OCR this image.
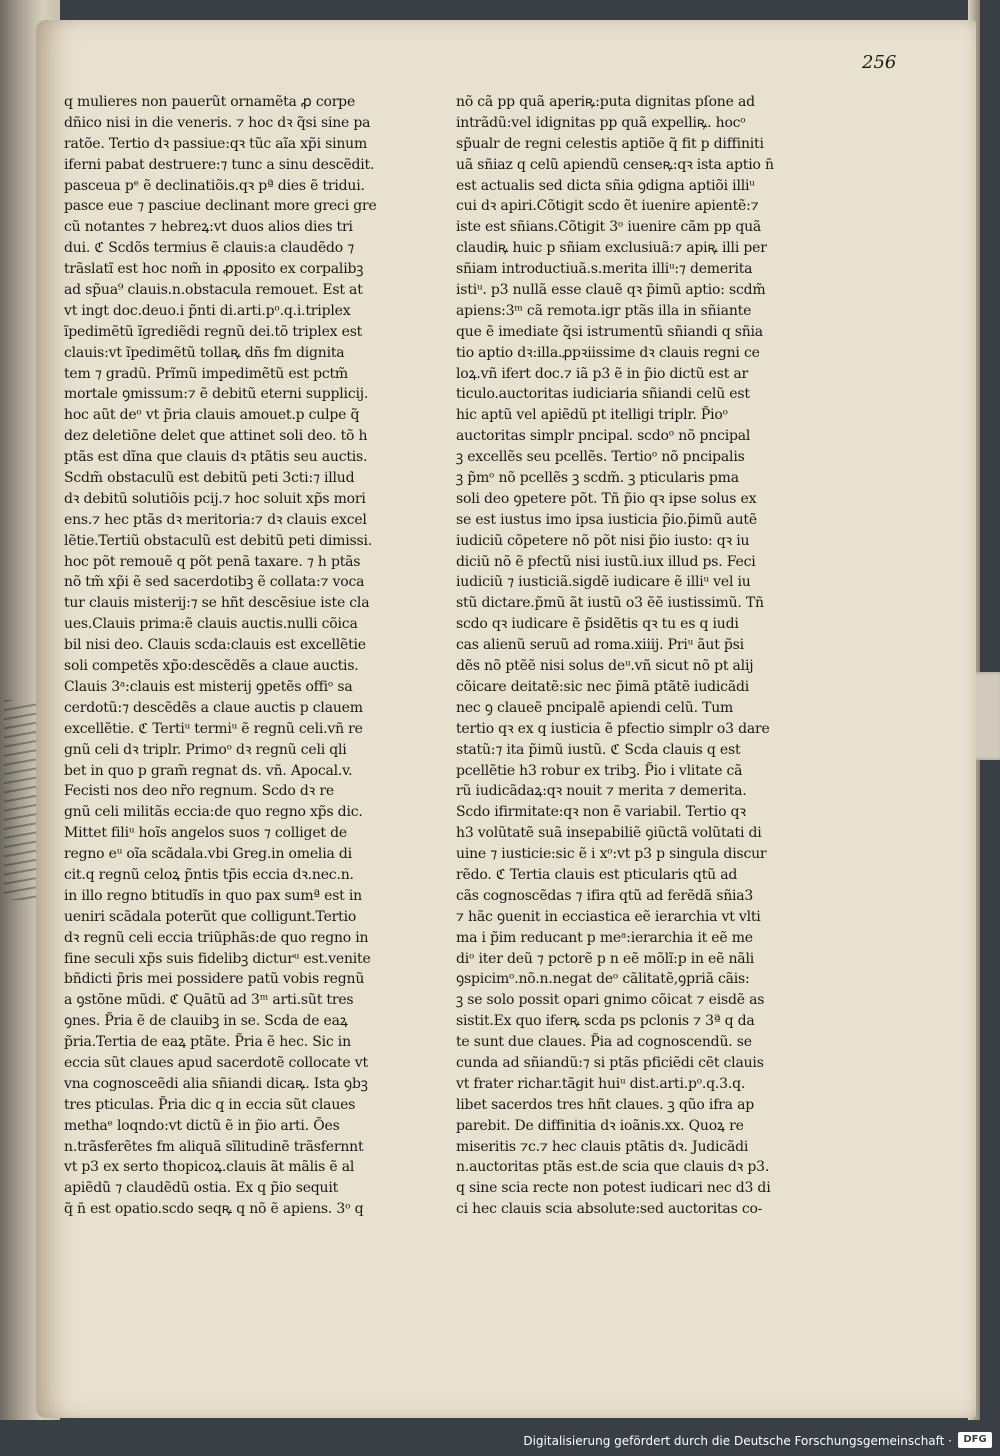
256
q mulieres non pauerũt ornamẽta ꝓ corpe
dñico nisi in die veneris. ⁊ hoc dꝛ q̃si sine pa
ratõe. Tertio dꝛ passiue:qꝛ tũc aĩa xp̃i sinum
iferni pabat destruere:⁊ tunc a sinu descẽdit.
pasceua pᵉ ẽ declinatiõis.qꝛ pª dies ẽ tridui.
pasce eue ⁊ pasciue declinant more greci gre
cũ notantes ⁊ hebreꝝ:vt duos alios dies tri
dui. ℭ Scdõs termius ẽ clauis:a claudẽdo ⁊
trãslatĩ est hoc nom̃ in ꝓposito ex corpalibꝫ
ad sp̃ua⁹ clauis.n.obstacula remouet. Est at
vt ingt doc.deuo.i p̃nti di.arti.pᵒ.q.i.triplex
ĩpedimẽtũ ĩgrediẽdi regnũ dei.tõ triplex est
clauis:vt ĩpedimẽtũ tollaꝶ dñs fm dignita
tem ⁊ gradũ. Prĩmũ impedimẽtũ est pctm̃
mortale ꝯmissum:⁊ ẽ debitũ eterni supplicij.
hoc aũt deᵒ vt p̃ria clauis amouet.p culpe q̃
dez deletiõne delet que attinet soli deo. tõ h
ptãs est dĩna que clauis dꝛ ptãtis seu auctis.
Scdm̃ obstaculũ est debitũ peti 3cti:⁊ illud
dꝛ debitũ solutiõis pcij.⁊ hoc soluit xp̃s mori
ens.⁊ hec ptãs dꝛ meritoria:⁊ dꝛ clauis excel
lẽtie.Tertiũ obstaculũ est debitũ peti dimissi.
hoc põt remouẽ q põt penã taxare. ⁊ h ptãs
nõ tm̃ xp̃i ẽ sed sacerdotibꝫ ẽ collata:⁊ voca
tur clauis misterij:⁊ se hñt descẽsiue iste cla
ues.Clauis prima:ẽ clauis auctis.nulli cõica
bil nisi deo. Clauis scda:clauis est excellẽtie
soli competẽs xp̃o:descẽdẽs a claue auctis.
Clauis 3ᵃ:clauis est misterij ꝯpetẽs offiᵒ sa
cerdotũ:⁊ descẽdẽs a claue auctis p clauem
excellẽtie. ℭ Tertiᵘ termiᵘ ẽ regnũ celi.vñ re
gnũ celi dꝛ triplr. Primoᵒ dꝛ regnũ celi qli
bet in quo p gram̃ regnat ds. vñ. Apocal.v.
Fecisti nos deo nr̃o regnum. Scdo dꝛ re
gnũ celi militãs eccia:de quo regno xp̃s dic.
Mittet filiᵘ hoĩs angelos suos ⁊ colliget de
regno eᵘ oĩa scãdala.vbi Greg.in omelia di
cit.q regnũ celoꝝ p̃ntis tp̃is eccia dꝛ.nec.n.
in illo regno btitudĩs in quo pax sumª est in
ueniri scãdala poterũt que colligunt.Tertio
dꝛ regnũ celi eccia triũphãs:de quo regno in
fine seculi xp̃s suis fidelibꝫ dicturᵘ est.venite
bñdicti p̃ris mei possidere patũ vobis regnũ
a ꝯstõne mũdi. ℭ Quãtũ ad 3ᵐ arti.sũt tres
ꝯnes. P̃ria ẽ de clauibꝫ in se. Scda de eaꝝ
p̃ria.Tertia de eaꝝ ptãte. P̃ria ẽ hec. Sic in
eccia sũt claues apud sacerdotẽ collocate vt
vna cognosceẽdi alia sñiandi dicaꝶ. Ista ꝯbꝫ
tres pticulas. P̃ria dic q in eccia sũt claues
methaᵉ loqndo:vt dictũ ẽ in p̃io arti. Ões
n.trãsferẽtes fm aliquã sĩlitudinẽ trãsfernnt
vt p3 ex serto thopicoꝝ.clauis ãt mãlis ẽ al
apiẽdũ ⁊ claudẽdũ ostia. Ex q p̃io sequit
q̃ n̄ est opatio.scdo seqꝶ q nõ ẽ apiens. 3ᵒ q
nõ cã pp quã aperiꝶ:puta dignitas pſone ad
intrãdũ:vel idignitas pp quã expelliꝶ. hocᵒ
sp̃ualr de regni celestis aptiõe q̃ fit p diffiniti
uã sñiaz q celũ apiendũ censeꝶ:qꝛ ista aptio n̄
est actualis sed dicta sñia ꝯdigna aptiõi illiᵘ
cui dꝛ apiri.Cõtigit scdo ẽt iuenire apientẽ:⁊
iste est sñians.Cõtigit 3ᵒ iuenire cãm pp quã
claudiꝶ huic p sñiam exclusiuã:⁊ apiꝶ illi per
sñiam introductiuã.s.merita illiᵘ:⁊ demerita
istiᵘ. p3 nullã esse clauẽ qꝛ p̃imũ aptio: scdm̃
apiens:3ᵐ cã remota.igr ptãs illa in sñiante
que ẽ imediate q̃si istrumentũ sñiandi q sñia
tio aptio dꝛ:illa.ꝓpꝛiissime dꝛ clauis regni ce
loꝝ.vñ ifert doc.⁊ iã p3 ẽ in p̃io dictũ est ar
ticulo.auctoritas iudiciaria sñiandi celũ est
hic aptũ vel apiẽdũ pt itelligi triplr. P̃ioᵒ
auctoritas simplr pncipal. scdoᵒ nõ pncipal
ꝫ excellẽs seu pcellẽs. Tertioᵒ nõ pncipalis
ꝫ p̃mᵒ nõ pcellẽs ꝫ scdm̃. ꝫ pticularis pma
soli deo ꝯpetere põt. Tñ p̃io qꝛ ipse solus ex
se est iustus imo ipsa iusticia p̃io.p̃imũ autẽ
iudiciũ cõpetere nõ põt nisi p̃io iusto: qꝛ iu
diciũ nõ ẽ pfectũ nisi iustũ.iux illud ps. Feci
iudiciũ ⁊ iusticiã.sigdẽ iudicare ẽ illiᵘ vel iu
stũ dictare.p̃mũ ãt iustũ o3 ẽẽ iustissimũ. Tñ
scdo qꝛ iudicare ẽ p̃sidẽtis qꝛ tu es q iudi
cas alienũ seruũ ad roma.xiiij. Priᵘ ãut p̃si
dẽs nõ ptẽẽ nisi solus deᵘ.vñ sicut nõ pt alij
cõicare deitatẽ:sic nec p̃imã ptãtẽ iudicãdi
nec ꝯ claueẽ pncipalẽ apiendi celũ. Tum
tertio qꝛ ex q iusticia ẽ pfectio simplr o3 dare
statũ:⁊ ita p̃imũ iustũ. ℭ Scda clauis q est
pcellẽtie h3 robur ex tribꝫ. P̃io i vlitate cã
rũ iudicãdaꝝ:qꝛ nouit ⁊ merita ⁊ demerita.
Scdo ifirmitate:qꝛ non ẽ variabil. Tertio qꝛ
h3 volũtatẽ suã insepabiliẽ ꝯiũctã volũtati di
uine ⁊ iusticie:sic ẽ i xᵒ:vt p3 p singula discur
rẽdo. ℭ Tertia clauis est pticularis qtũ ad
cãs cognoscẽdas ⁊ ifira qtũ ad ferẽdã sñia3
⁊ hãc ꝯuenit in ecciastica eẽ ierarchia vt vlti
ma i p̃im reducant p meᵃ:ierarchia it eẽ me
diᵒ iter deũ ⁊ pctorẽ p n eẽ mõlĩ:p in eẽ nãli
ꝯspicimᵒ.nõ.n.negat deᵒ cãlitatẽ,ꝯpriã cãis:
ꝫ se solo possit opari gnimo cõicat ⁊ eisdẽ as
sistit.Ex quo iferꝶ scda ps pclonis ⁊ 3ª q da
te sunt due claues. P̃ia ad cognoscendũ. se
cunda ad sñiandũ:⁊ si ptãs pficiẽdi cẽt clauis
vt frater richar.tãgit huiᵘ dist.arti.pᵒ.q.3.q.
libet sacerdos tres hñt claues. ꝫ qũo ifra ap
parebit. De diffinitia dꝛ ioãnis.xx. Quoꝝ re
miseritis ⁊c.⁊ hec clauis ptãtis dꝛ. Judicãdi
n.auctoritas ptãs est.de scia que clauis dꝛ p3.
q sine scia recte non potest iudicari nec d3 di
ci hec clauis scia absolute:sed auctoritas co-
Digitalisierung gefördert durch die Deutsche Forschungsgemeinschaft ·	DFG
